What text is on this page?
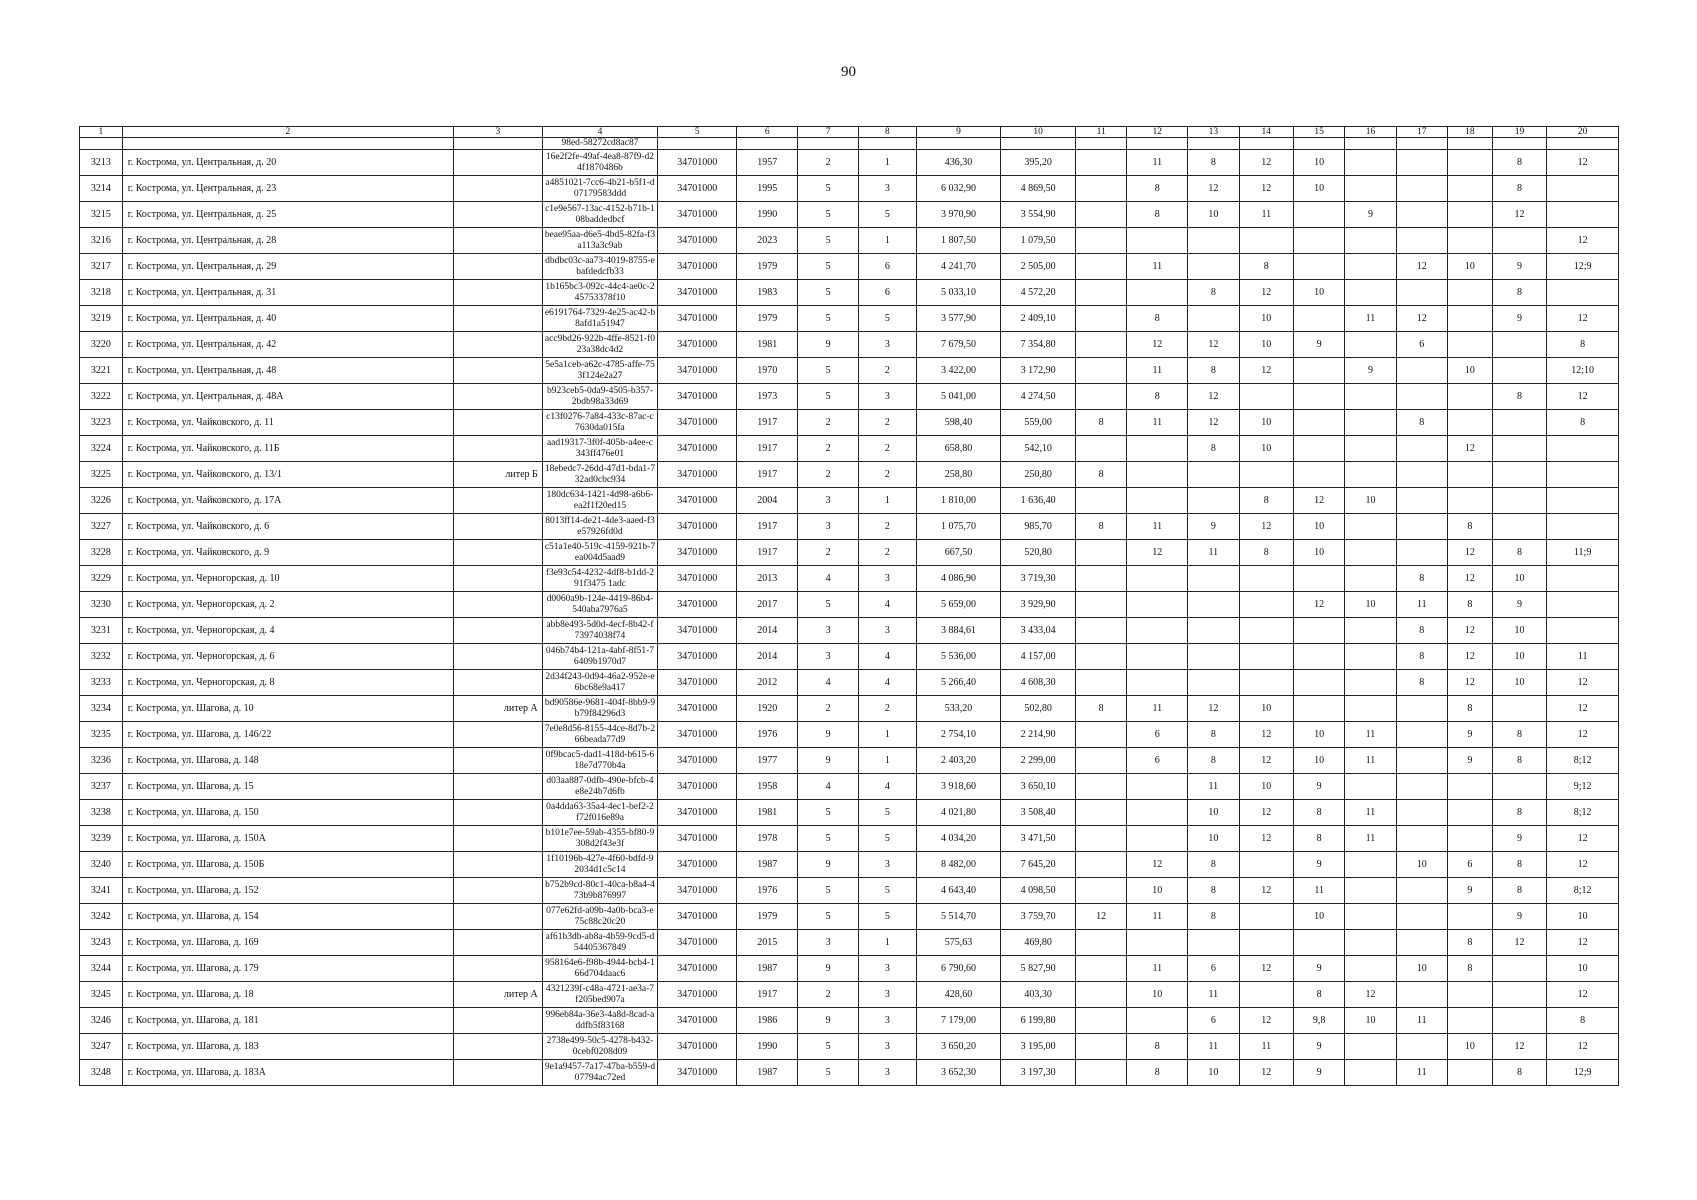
90
1	2	3	4	5	6	7	8	9	10	11	12	13	14	15	16	17	18	19	20
			98ed-58272cd8ac87																
3213	г. Кострома, ул. Центральная, д. 20		16e2f2fe-49af-4ea8-87f9-d24f1870486b	34701000	1957	2	1	436,30	395,20		11	8	12	10				8	12
3214	г. Кострома, ул. Центральная, д. 23		a4851021-7cc6-4b21-b5f1-d07179583ddd	34701000	1995	5	3	6 032,90	4 869,50		8	12	12	10				8	
3215	г. Кострома, ул. Центральная, д. 25		c1e9e567-13ac-4152-b71b-108baddedbcf	34701000	1990	5	5	3 970,90	3 554,90		8	10	11		9			12	
3216	г. Кострома, ул. Центральная, д. 28		beae95aa-d6e5-4bd5-82fa-f3a113a3c9ab	34701000	2023	5	1	1 807,50	1 079,50										12
3217	г. Кострома, ул. Центральная, д. 29		dbdbc03c-aa73-4019-8755-ebafdedcfb33	34701000	1979	5	6	4 241,70	2 505,00		11		8			12	10	9	12;9
3218	г. Кострома, ул. Центральная, д. 31		1b165bc3-092c-44c4-ae0c-245753378f10	34701000	1983	5	6	5 033,10	4 572,20			8	12	10				8	
3219	г. Кострома, ул. Центральная, д. 40		e6191764-7329-4e25-ac42-b8afd1a51947	34701000	1979	5	5	3 577,90	2 409,10		8		10		11	12		9	12
3220	г. Кострома, ул. Центральная, д. 42		acc9bd26-922b-4ffe-8521-f023a38dc4d2	34701000	1981	9	3	7 679,50	7 354,80		12	12	10	9		6			8
3221	г. Кострома, ул. Центральная, д. 48		5e5a1ceb-a62c-4785-affe-753f124e2a27	34701000	1970	5	2	3 422,00	3 172,90		11	8	12		9		10		12;10
3222	г. Кострома, ул. Центральная, д. 48А		b923ceb5-0da9-4505-b357-2bdb98a33d69	34701000	1973	5	3	5 041,00	4 274,50		8	12						8	12
3223	г. Кострома, ул. Чайковского, д. 11		c13f0276-7a84-433c-87ac-c7630da015fa	34701000	1917	2	2	598,40	559,00	8	11	12	10			8			8
3224	г. Кострома, ул. Чайковского, д. 11Б		aad19317-3f0f-405b-a4ee-c343ff476e01	34701000	1917	2	2	658,80	542,10			8	10				12		
3225	г. Кострома, ул. Чайковского, д. 13/1	литер Б	18ebedc7-26dd-47d1-bda1-732ad0cbc934	34701000	1917	2	2	258,80	250,80	8									
3226	г. Кострома, ул. Чайковского, д. 17А		180dc634-1421-4d98-a6b6-ea2f1f20ed15	34701000	2004	3	1	1 810,00	1 636,40				8	12	10				
3227	г. Кострома, ул. Чайковского, д. 6		8013ff14-de21-4de3-aaed-f3e57926fd0d	34701000	1917	3	2	1 075,70	985,70	8	11	9	12	10			8		
3228	г. Кострома, ул. Чайковского, д. 9		c51a1e40-519c-4159-921b-7ea004d5aad9	34701000	1917	2	2	667,50	520,80		12	11	8	10			12	8	11;9
3229	г. Кострома, ул. Черногорская, д. 10		f3e93c54-4232-4df8-b1dd-291f3475 1adc	34701000	2013	4	3	4 086,90	3 719,30							8	12	10	
3230	г. Кострома, ул. Черногорская, д. 2		d0060a9b-124e-4419-86b4-540aba7976a5	34701000	2017	5	4	5 659,00	3 929,90					12	10	11	8	9	
3231	г. Кострома, ул. Черногорская, д. 4		abb8e493-5d0d-4ecf-8b42-f73974038f74	34701000	2014	3	3	3 884,61	3 433,04							8	12	10	
3232	г. Кострома, ул. Черногорская, д. 6		046b74b4-121a-4abf-8f51-76409b1970d7	34701000	2014	3	4	5 536,00	4 157,00							8	12	10	11
3233	г. Кострома, ул. Черногорская, д. 8		2d34f243-0d94-46a2-952e-e6bc68e9a417	34701000	2012	4	4	5 266,40	4 608,30							8	12	10	12
3234	г. Кострома, ул. Шагова, д. 10	литер А	bd90586e-9681-404f-8bb9-9b79f84296d3	34701000	1920	2	2	533,20	502,80	8	11	12	10				8		12
3235	г. Кострома, ул. Шагова, д. 146/22		7e0e8d56-8155-44ce-8d7b-266beada77d9	34701000	1976	9	1	2 754,10	2 214,90		6	8	12	10	11		9	8	12
3236	г. Кострома, ул. Шагова, д. 148		0f9bcac5-dad1-418d-b615-618e7d770b4a	34701000	1977	9	1	2 403,20	2 299,00		6	8	12	10	11		9	8	8;12
3237	г. Кострома, ул. Шагова, д. 15		d03aa887-0dfb-490e-bfcb-4e8e24b7d6fb	34701000	1958	4	4	3 918,60	3 650,10			11	10	9					9;12
3238	г. Кострома, ул. Шагова, д. 150		0a4dda63-35a4-4ec1-bef2-2f72f016e89a	34701000	1981	5	5	4 021,80	3 508,40			10	12	8	11			8	8;12
3239	г. Кострома, ул. Шагова, д. 150А		b101e7ee-59ab-4355-bf80-9308d2f43e3f	34701000	1978	5	5	4 034,20	3 471,50			10	12	8	11			9	12
3240	г. Кострома, ул. Шагова, д. 150Б		1f10196b-427e-4f60-bdfd-92034d1c5c14	34701000	1987	9	3	8 482,00	7 645,20		12	8		9		10	6	8	12
3241	г. Кострома, ул. Шагова, д. 152		b752b9cd-80c1-40ca-b8a4-473b9b876997	34701000	1976	5	5	4 643,40	4 098,50		10	8	12	11			9	8	8;12
3242	г. Кострома, ул. Шагова, д. 154		077e62fd-a09b-4a0b-bca3-e75c88c20c20	34701000	1979	5	5	5 514,70	3 759,70	12	11	8		10				9	10
3243	г. Кострома, ул. Шагова, д. 169		af61b3db-ab8a-4b59-9cd5-d54405367849	34701000	2015	3	1	575,63	469,80								8	12	12
3244	г. Кострома, ул. Шагова, д. 179		958164e6-f98b-4944-bcb4-166d704daac6	34701000	1987	9	3	6 790,60	5 827,90		11	6	12	9		10	8		10
3245	г. Кострома, ул. Шагова, д. 18	литер А	4321239f-c48a-4721-ae3a-7f205bed907a	34701000	1917	2	3	428,60	403,30		10	11		8	12				12
3246	г. Кострома, ул. Шагова, д. 181		996eb84a-36e3-4a8d-8cad-addfb5f83168	34701000	1986	9	3	7 179,00	6 199,80			6	12	9,8	10	11			8
3247	г. Кострома, ул. Шагова, д. 183		2738e499-50c5-4278-b432-0cebf0208d09	34701000	1990	5	3	3 650,20	3 195,00		8	11	11	9			10	12	12
3248	г. Кострома, ул. Шагова, д. 183А		9e1a9457-7a17-47ba-b559-d07794ac72ed	34701000	1987	5	3	3 652,30	3 197,30		8	10	12	9		11		8	12;9
